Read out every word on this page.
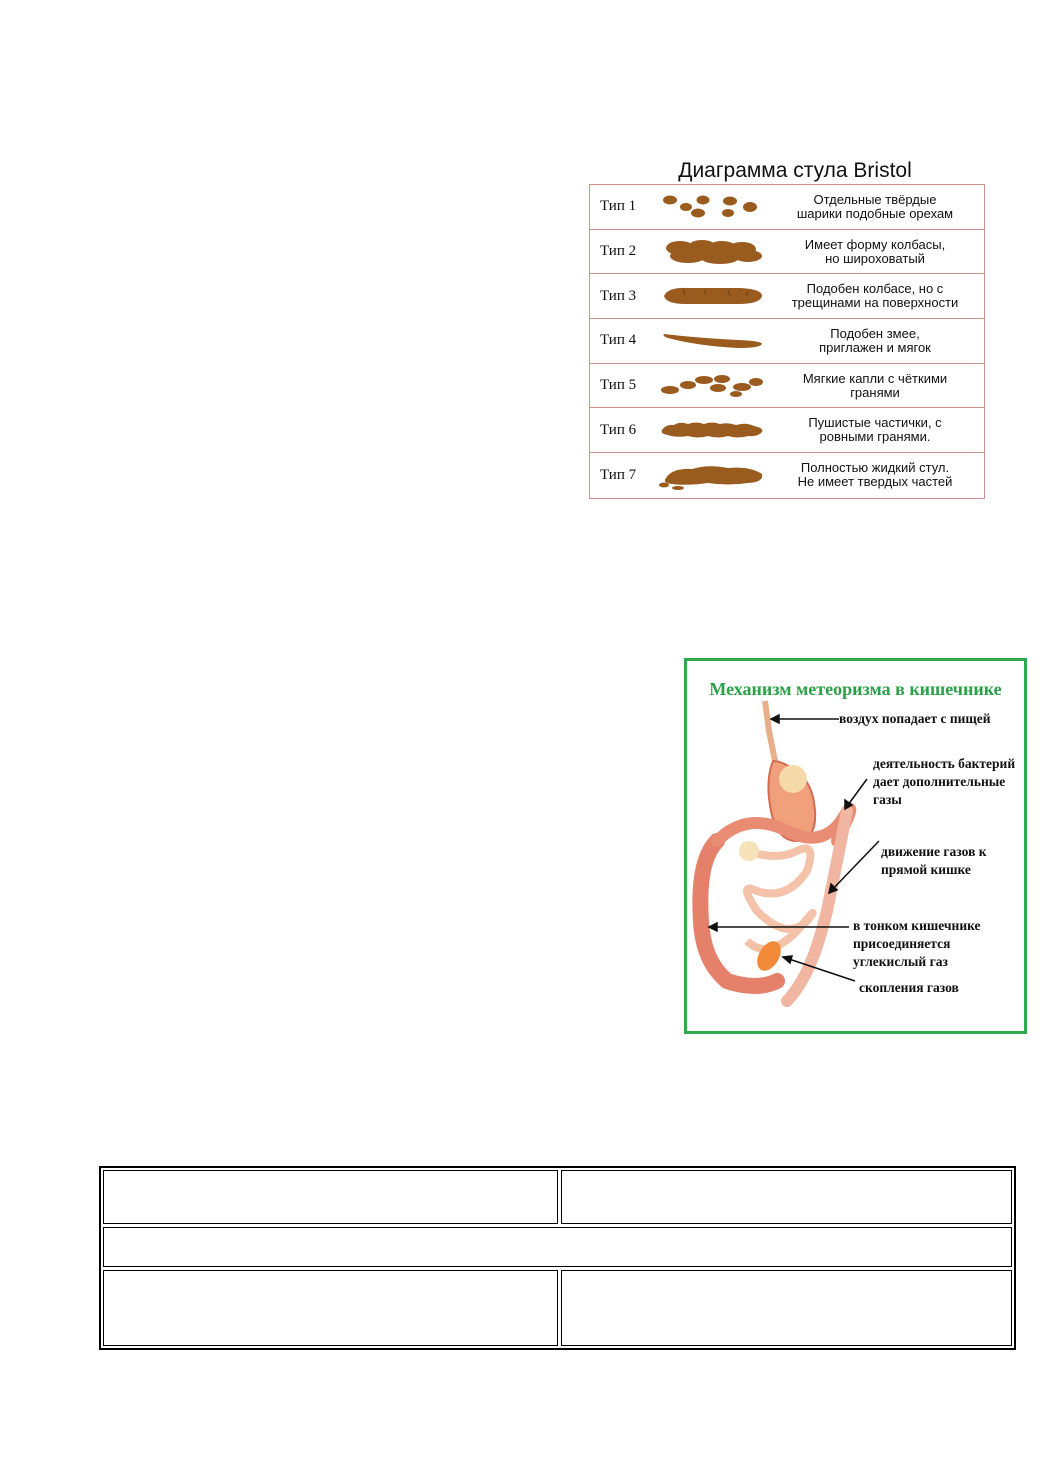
Диаграмма стула Bristol
Тип 1	Отдельные твёрдые
шарики подобные орехам
Тип 2	Имеет форму колбасы,
но широховатый
Тип 3	Подобен колбасе, но с
трещинами на поверхности
Тип 4	Подобен змее,
приглажен и мягок
Тип 5	Мягкие капли с чёткими
гранями
Тип 6	Пушистые частички, с
ровными гранями.
Тип 7	Полностью жидкий стул.
Не имеет твердых частей
Механизм метеоризма в кишечнике
воздух попадает с пищей
деятельность бактерий
дает дополнительные
газы
движение газов к
прямой кишке
в тонком кишечнике
присоединяется
углекислый газ
скопления газов
